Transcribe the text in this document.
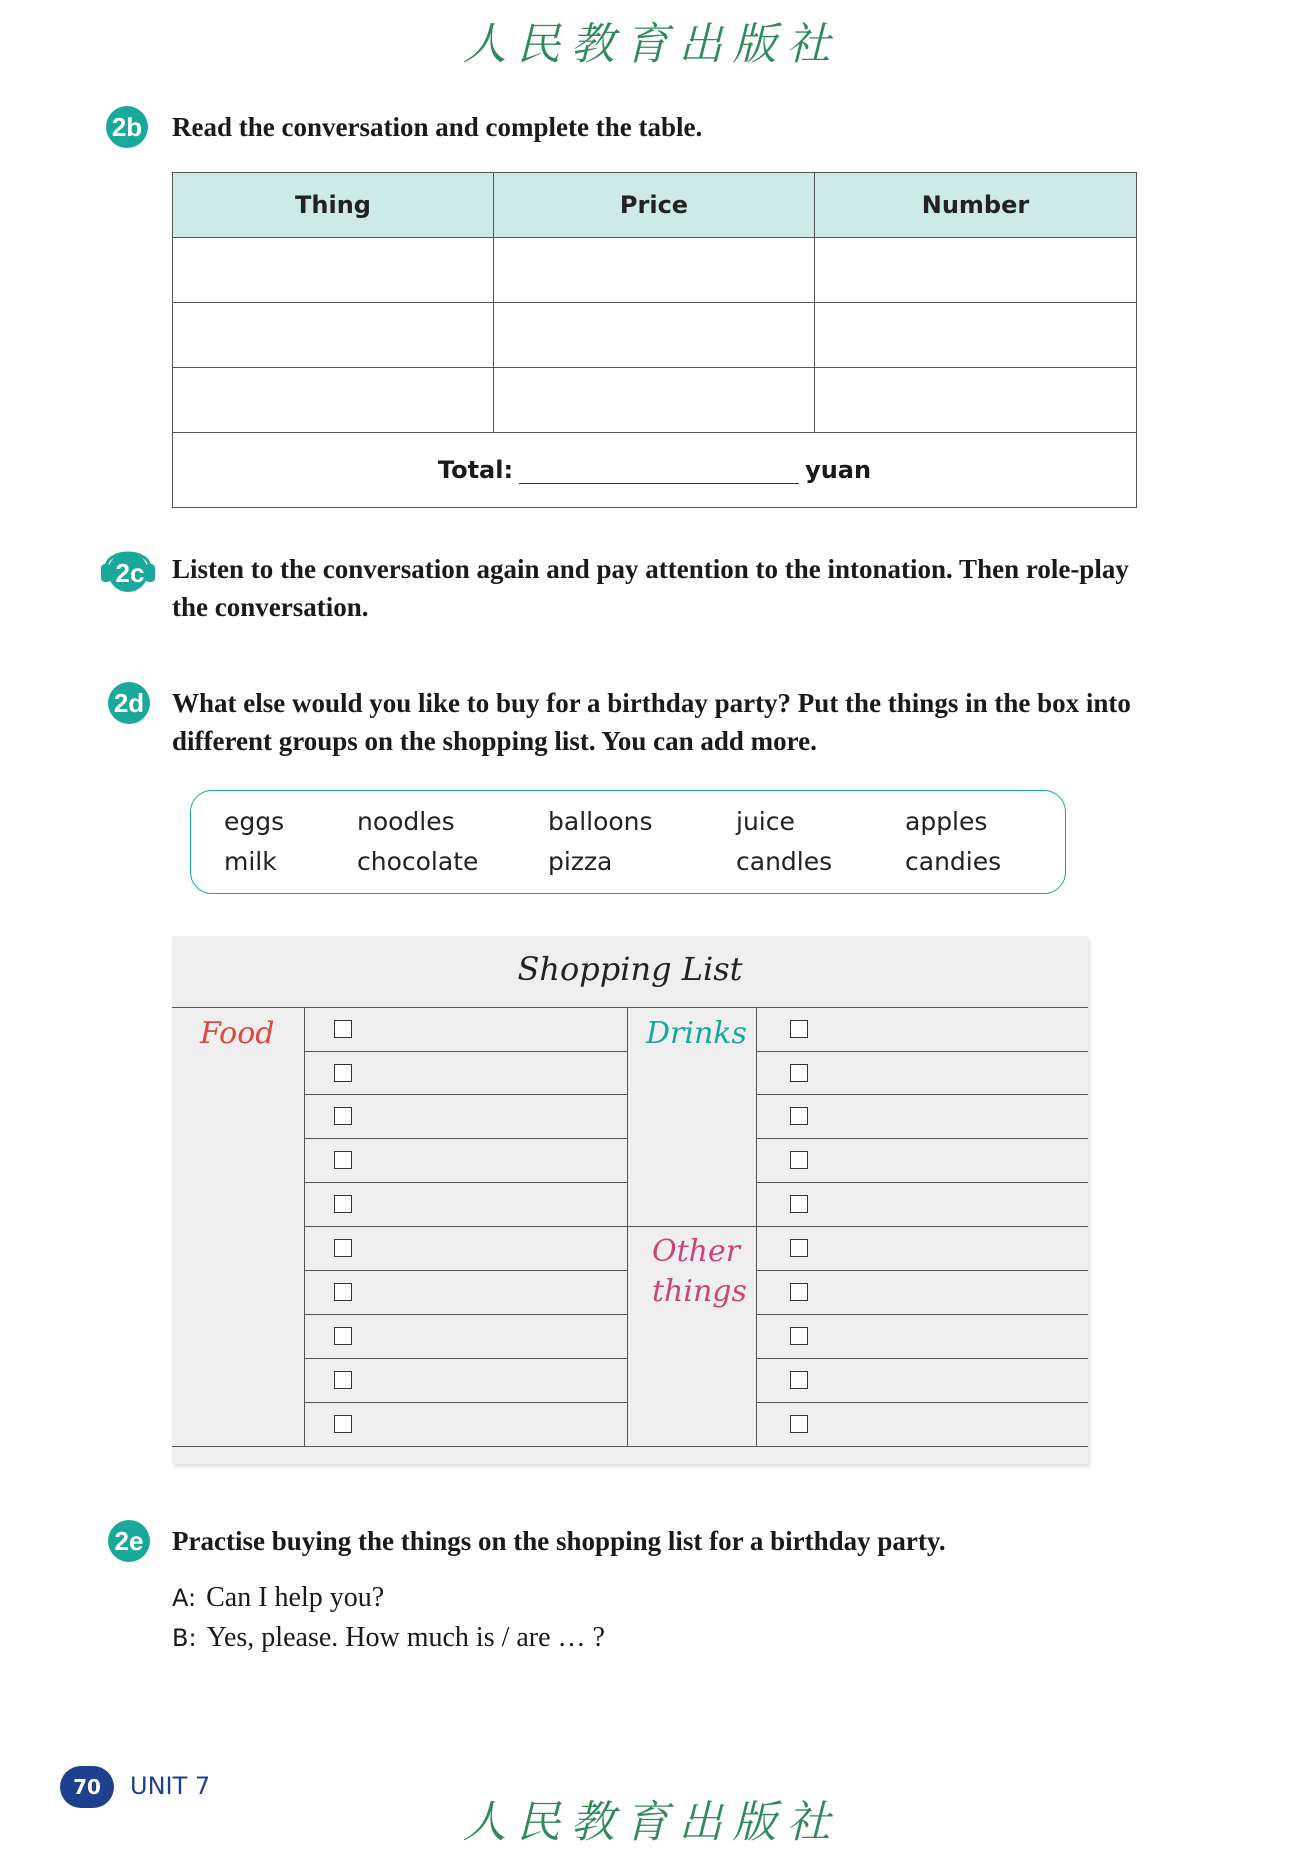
人民教育出版社
2b Read the conversation and complete the table.
Thing	Price	Number

Total: yuan		
2c Listen to the conversation again and pay attention to the intonation. Then role-play the conversation.
2d What else would you like to buy for a birthday party? Put the things in the box into different groups on the shopping list. You can add more.
eggs	noodles	balloons	juice	apples
milk	chocolate	pizza	candles	candies
Shopping List
Food	Drinks
Other things
2e Practise buying the things on the shopping list for a birthday party.
A: Can I help you?
B: Yes, please. How much is / are … ?
70	UNIT 7
人民教育出版社
